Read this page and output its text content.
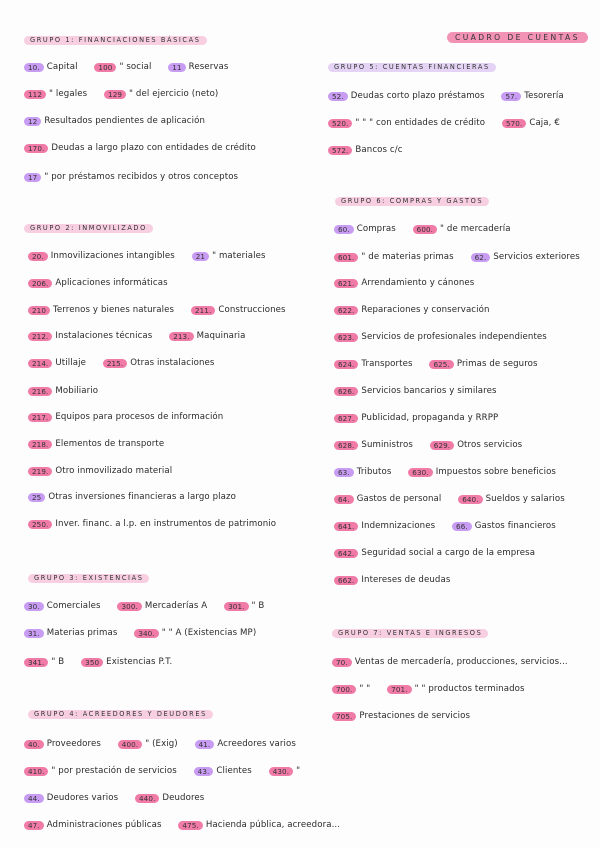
CUADRO DE CUENTAS
GRUPO 1: FINANCIACIONES BÁSICAS
10. Capital	100 " social	11 Reservas
112 " legales	129 " del ejercicio (neto)
12 Resultados pendientes de aplicación
170. Deudas a largo plazo con entidades de crédito
17 " por préstamos recibidos y otros conceptos
GRUPO 2: INMOVILIZADO
20. Inmovilizaciones intangibles	21 " materiales
206. Aplicaciones informáticas
210 Terrenos y bienes naturales	211. Construcciones
212. Instalaciones técnicas	213. Maquinaria
214. Utillaje	215. Otras instalaciones
216. Mobiliario
217. Equipos para procesos de información
218. Elementos de transporte
219. Otro inmovilizado material
25 Otras inversiones financieras a largo plazo
250. Inver. financ. a l.p. en instrumentos de patrimonio
GRUPO 3: EXISTENCIAS
30. Comerciales	300. Mercaderías A	301. " B
31. Materias primas	340. " " A (Existencias MP)
341. " B	350 Existencias P.T.
GRUPO 4: ACREEDORES Y DEUDORES
40. Proveedores	400. " (Exig)	41. Acreedores varios
410. " por prestación de servicios	43. Clientes	430. "
44. Deudores varios	440. Deudores
47. Administraciones públicas	475. Hacienda pública, acreedora...
GRUPO 5: CUENTAS FINANCIERAS
52. Deudas corto plazo préstamos	57. Tesorería
520. " " " con entidades de crédito	570. Caja, €
572. Bancos c/c
GRUPO 6: COMPRAS Y GASTOS
60. Compras	600. " de mercadería
601. " de materias primas	62. Servicios exteriores
621. Arrendamiento y cánones
622. Reparaciones y conservación
623. Servicios de profesionales independientes
624. Transportes	625. Primas de seguros
626. Servicios bancarios y similares
627. Publicidad, propaganda y RRPP
628. Suministros	629. Otros servicios
63. Tributos	630. Impuestos sobre beneficios
64. Gastos de personal	640. Sueldos y salarios
641. Indemnizaciones	66. Gastos financieros
642. Seguridad social a cargo de la empresa
662. Intereses de deudas
GRUPO 7: VENTAS E INGRESOS
70. Ventas de mercadería, producciones, servicios...
700. " "	701. " " productos terminados
705. Prestaciones de servicios
